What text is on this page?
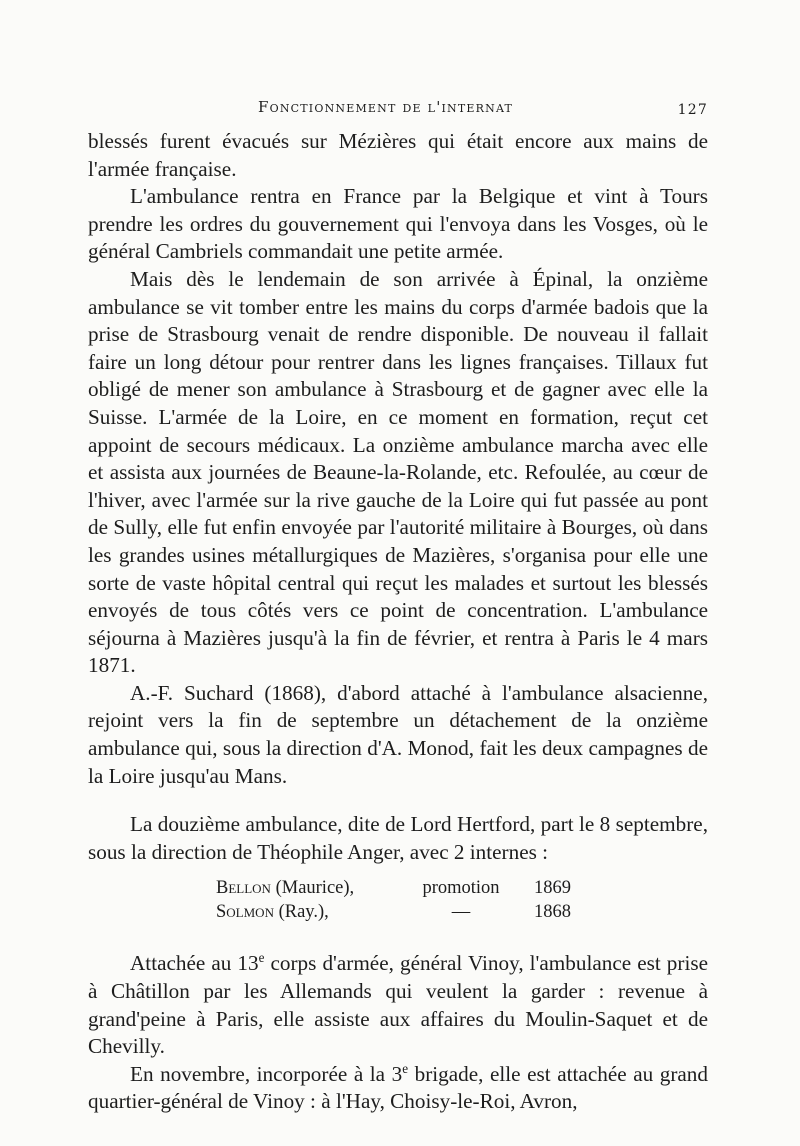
Fonctionnement de l'internat	127

blessés furent évacués sur Mézières qui était encore aux mains de l'armée française.

L'ambulance rentra en France par la Belgique et vint à Tours prendre les ordres du gouvernement qui l'envoya dans les Vosges, où le général Cambriels commandait une petite armée.

Mais dès le lendemain de son arrivée à Épinal, la onzième ambulance se vit tomber entre les mains du corps d'armée badois que la prise de Strasbourg venait de rendre disponible. De nouveau il fallait faire un long détour pour rentrer dans les lignes françaises. Tillaux fut obligé de mener son ambulance à Strasbourg et de gagner avec elle la Suisse. L'armée de la Loire, en ce moment en formation, reçut cet appoint de secours médicaux. La onzième ambulance marcha avec elle et assista aux journées de Beaune-la-Rolande, etc. Refoulée, au cœur de l'hiver, avec l'armée sur la rive gauche de la Loire qui fut passée au pont de Sully, elle fut enfin envoyée par l'autorité militaire à Bourges, où dans les grandes usines métallurgiques de Mazières, s'organisa pour elle une sorte de vaste hôpital central qui reçut les malades et surtout les blessés envoyés de tous côtés vers ce point de concentration. L'ambulance séjourna à Mazières jusqu'à la fin de février, et rentra à Paris le 4 mars 1871.

A.-F. Suchard (1868), d'abord attaché à l'ambulance alsacienne, rejoint vers la fin de septembre un détachement de la onzième ambulance qui, sous la direction d'A. Monod, fait les deux campagnes de la Loire jusqu'au Mans.

La douzième ambulance, dite de Lord Hertford, part le 8 septembre, sous la direction de Théophile Anger, avec 2 internes :

Bellon (Maurice),	promotion	1869
Solmon (Ray.),	—	1868

Attachée au 13e corps d'armée, général Vinoy, l'ambulance est prise à Châtillon par les Allemands qui veulent la garder : revenue à grand'peine à Paris, elle assiste aux affaires du Moulin-Saquet et de Chevilly.

En novembre, incorporée à la 3e brigade, elle est attachée au grand quartier-général de Vinoy : à l'Hay, Choisy-le-Roi, Avron,
